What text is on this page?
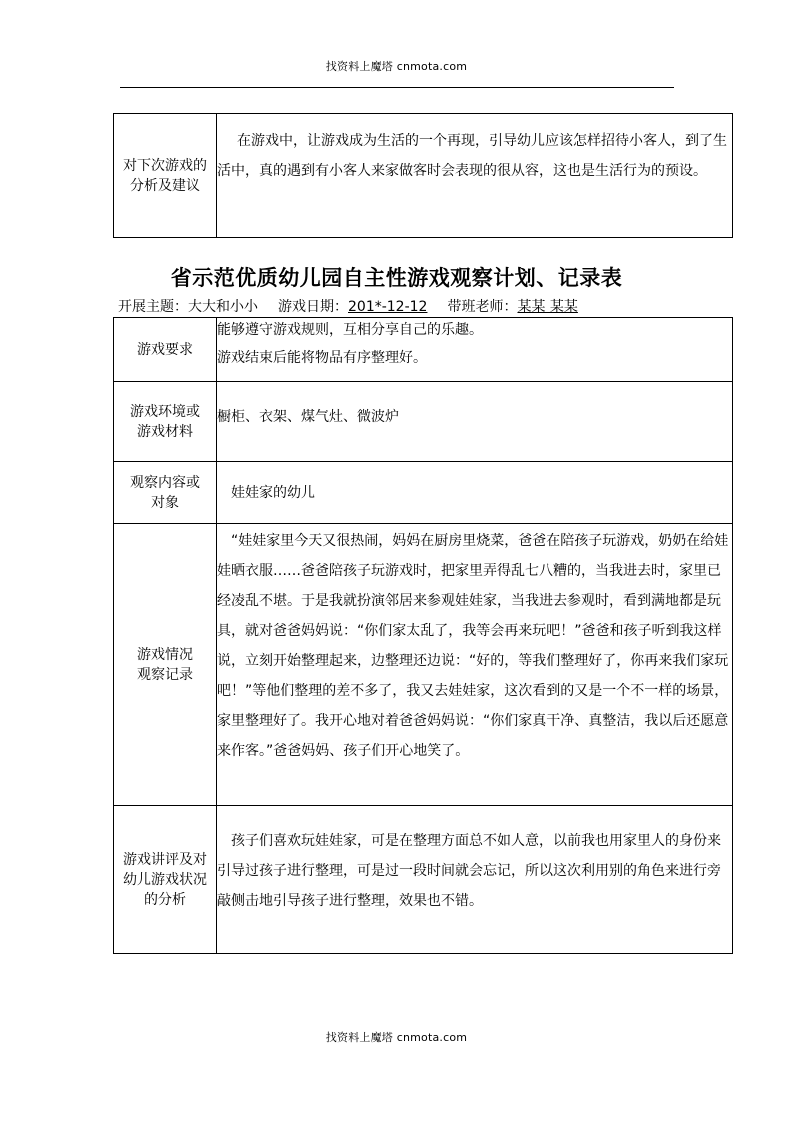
找资料上魔塔 cnmota.com
对下次游戏的分析及建议
	在游戏中，让游戏成为生活的一个再现，引导幼儿应该怎样招待小客人，到了生活中，真的遇到有小客人来家做客时会表现的很从容，这也是生活行为的预设。
省示范优质幼儿园自主性游戏观察计划、记录表
开展主题：大大和小小 游戏日期：201*-12-12 带班老师：某某 某某
游戏要求	能够遵守游戏规则，互相分享自己的乐趣。
游戏结束后能将物品有序整理好。

游戏环境或游戏材料	橱柜、衣架、煤气灶、微波炉

观察内容或对象	娃娃家的幼儿

游戏情况观察记录	“娃娃家里今天又很热闹，妈妈在厨房里烧菜，爸爸在陪孩子玩游戏，奶奶在给娃娃晒衣服……爸爸陪孩子玩游戏时，把家里弄得乱七八糟的，当我进去时，家里已经凌乱不堪。于是我就扮演邻居来参观娃娃家，当我进去参观时，看到满地都是玩具，就对爸爸妈妈说：“你们家太乱了，我等会再来玩吧！”爸爸和孩子听到我这样说，立刻开始整理起来，边整理还边说：“好的，等我们整理好了，你再来我们家玩吧！”等他们整理的差不多了，我又去娃娃家，这次看到的又是一个不一样的场景，家里整理好了。我开心地对着爸爸妈妈说：“你们家真干净、真整洁，我以后还愿意来作客。”爸爸妈妈、孩子们开心地笑了。

游戏讲评及对幼儿游戏状况的分析	孩子们喜欢玩娃娃家，可是在整理方面总不如人意，以前我也用家里人的身份来引导过孩子进行整理，可是过一段时间就会忘记，所以这次利用别的角色来进行旁敲侧击地引导孩子进行整理，效果也不错。
找资料上魔塔 cnmota.com
